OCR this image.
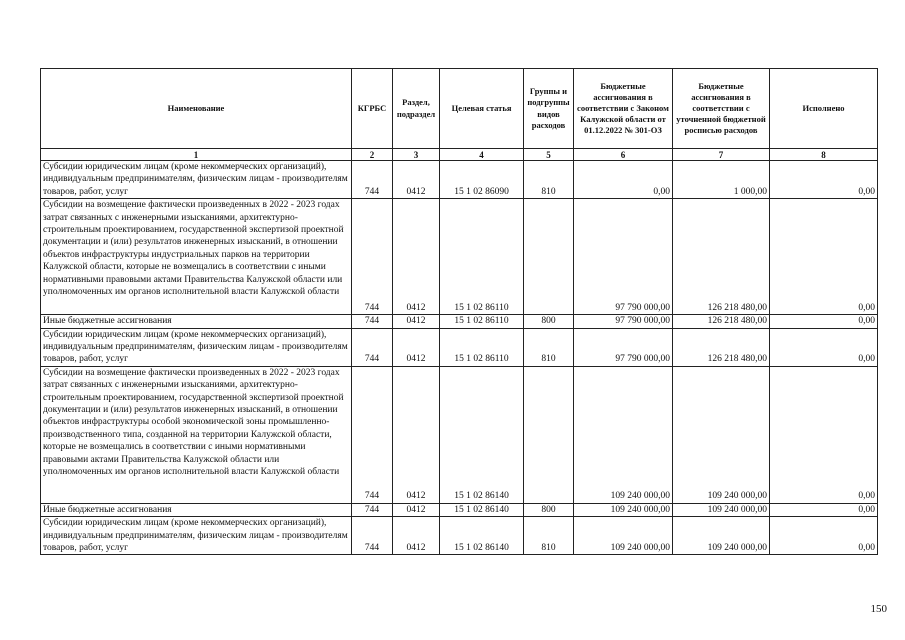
Наименование	КГРБС	Раздел, подраздел	Целевая статья	Группы и подгруппы видов расходов	Бюджетные ассигнования в соответствии с Законом Калужской области от 01.12.2022 № 301-ОЗ	Бюджетные ассигнования в соответствии с уточненной бюджетной росписью расходов	Исполнено
1	2	3	4	5	6	7	8
Субсидии юридическим лицам (кроме некоммерческих организаций), индивидуальным предпринимателям, физическим лицам - производителям товаров, работ, услуг	744	0412	15 1 02 86090	810	0,00	1 000,00	0,00
Субсидии на возмещение фактически произведенных в 2022 - 2023 годах затрат связанных с инженерными изысканиями, архитектурно-строительным проектированием, государственной экспертизой проектной документации и (или) результатов инженерных изысканий, в отношении объектов инфраструктуры индустриальных парков на территории Калужской области, которые не возмещались в соответствии с иными нормативными правовыми актами Правительства Калужской области или уполномоченных им органов исполнительной власти Калужской области	744	0412	15 1 02 86110		97 790 000,00	126 218 480,00	0,00
Иные бюджетные ассигнования	744	0412	15 1 02 86110	800	97 790 000,00	126 218 480,00	0,00
Субсидии юридическим лицам (кроме некоммерческих организаций), индивидуальным предпринимателям, физическим лицам - производителям товаров, работ, услуг	744	0412	15 1 02 86110	810	97 790 000,00	126 218 480,00	0,00
Субсидии на возмещение фактически произведенных в 2022 - 2023 годах затрат связанных с инженерными изысканиями, архитектурно-строительным проектированием, государственной экспертизой проектной документации и (или) результатов инженерных изысканий, в отношении объектов инфраструктуры особой экономической зоны промышленно-производственного типа, созданной на территории Калужской области, которые не возмещались в соответствии с иными нормативными правовыми актами Правительства Калужской области или уполномоченных им органов исполнительной власти Калужской области	744	0412	15 1 02 86140		109 240 000,00	109 240 000,00	0,00
Иные бюджетные ассигнования	744	0412	15 1 02 86140	800	109 240 000,00	109 240 000,00	0,00
Субсидии юридическим лицам (кроме некоммерческих организаций), индивидуальным предпринимателям, физическим лицам - производителям товаров, работ, услуг	744	0412	15 1 02 86140	810	109 240 000,00	109 240 000,00	0,00
150
